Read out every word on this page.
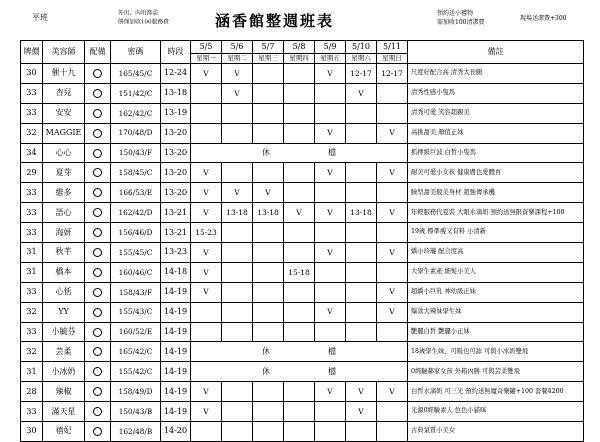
平班	外出、內用都需
餅僅加收100服務費	涵香館整週班表	預約送小禮物
需加收100清潔費
現場送潔費+300
牌價	美容師	配備	密碼	時段	5/5	5/6	5/7	5/8	5/9	5/10	5/11	備註
					星期一	星期二	星期三	星期四	星期五	星期六	星期日	
30	催十九		165/45/C	12-24	V	V			V	12-17	12-17	尺度好配合高 清秀大長腿
33	杏兒		151/42/C	13-18		V				V		清秀性感小隻馬
33	安安		162/42/C	13-19								清秀可愛 笑容超親美
32	MAGGIE		170/48/D	13-20					V		V	高挑甜美 顏值正妹
34	心心		150/43/F	13-20	休　　檔							抓揮級巨波 白皙小隻馬
29	夏芽		158/45/C	13-20	V				V		V	耐美可愛小女孩 健康膚色愛體育
33	維多		166/53/E	13-20	V	V	V					臉型甜美駁美身材 超強傳承機
33	語心		162/42/D	13-21	V	13-18	13-18	V	V	13-18	V	年輕服務代夏裝 大眼水滴奶 預約送無限資樂課程+100
33	海妍		156/46/D	13-21	15-23							19歲 標準瘦又有料 小清新
31	秋芊		155/45/C	13-23	V				V		V	嬌小玲瓏 配合度高
31	橋本		160/46/C	14-18	V			15-18				大學生素產 細髮小美人
33	心恬		158/43/F	14-19	V						V	超嬌小巨乳 神幼級正妹
32	YY		155/43/C	14-19					V		V	爆款大辣妹學生妹
33	小毓芬		160/52/E	14-19								艷麗白皙 艷麗小正妹
32	芸柔		165/42/C	14-19	休　　檔							18歲學生妹、可吸也可舔 可與小冰奶雙飛
31	小冰奶		155/42/C	14-19	休　　檔							0經驗鄰家女孩 外箱內勝 可與芸柔雙飛
28	辣椒		158/49/D	14-19	V				V	V	V	白皙水滴奶 可三光 預約送無魔奇樂罐+100 套餐4200
33	滿天星		150/43/B	14-19	V					V		光源0經驗素人 色色小貓咪
30	禧妃		162/48/B	14-20								古典氣質小美女
